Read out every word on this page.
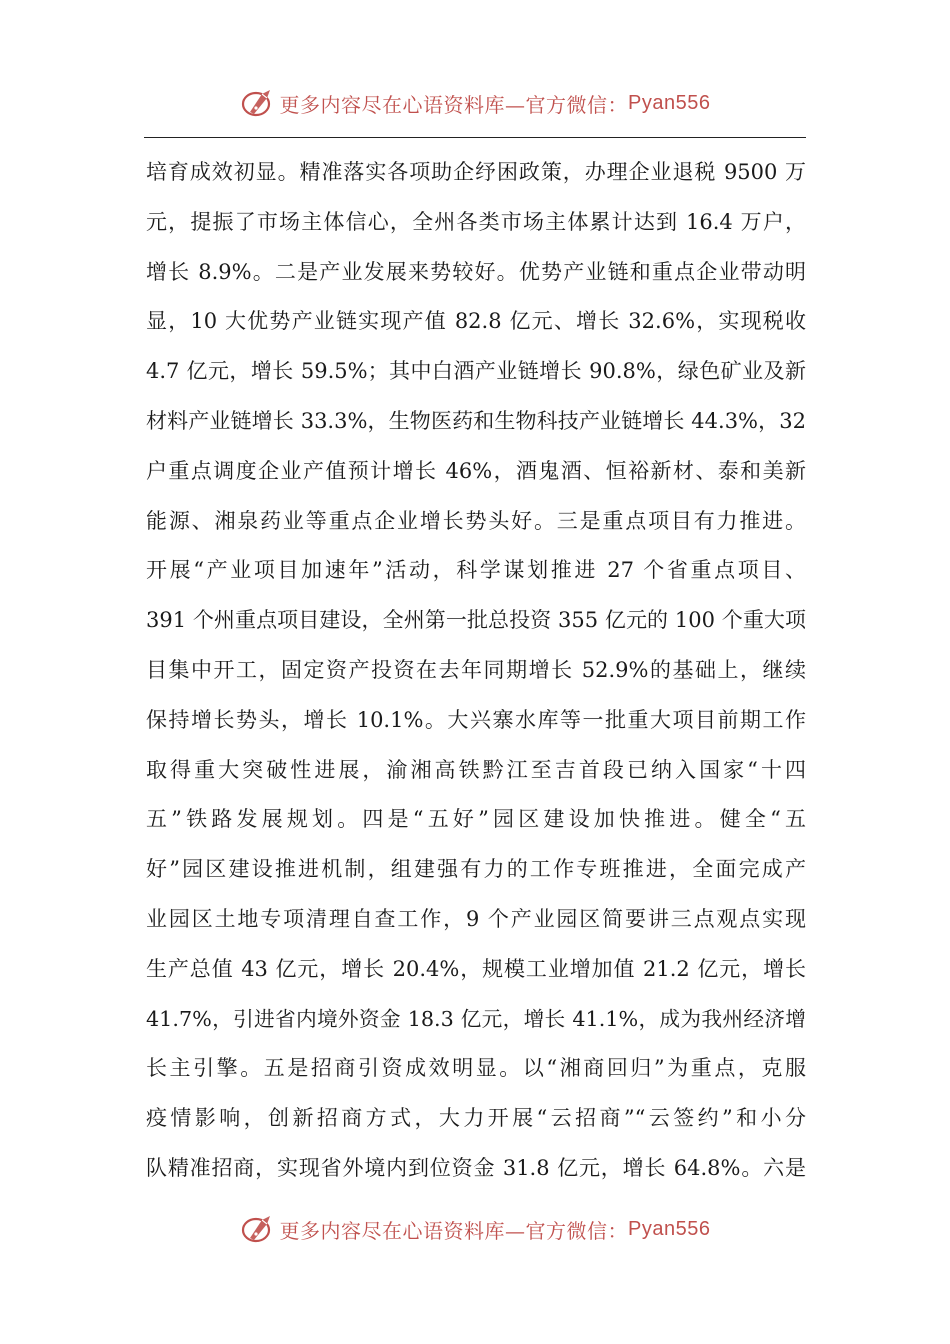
更多内容尽在心语资料库—官方微信： Pyan556
培育成效初显。精准落实各项助企纾困政策，办理企业退税 9500 万
元，提振了市场主体信心，全州各类市场主体累计达到 16.4 万户，
增长 8.9%。二是产业发展来势较好。优势产业链和重点企业带动明
显，10 大优势产业链实现产值 82.8 亿元、增长 32.6%，实现税收
4.7 亿元，增长 59.5%；其中白酒产业链增长 90.8%，绿色矿业及新
材料产业链增长 33.3%，生物医药和生物科技产业链增长 44.3%，32
户重点调度企业产值预计增长 46%，酒鬼酒、恒裕新材、泰和美新
能源、湘泉药业等重点企业增长势头好。三是重点项目有力推进。
开展“产业项目加速年”活动，科学谋划推进 27 个省重点项目、
391 个州重点项目建设，全州第一批总投资 355 亿元的 100 个重大项
目集中开工，固定资产投资在去年同期增长 52.9%的基础上，继续
保持增长势头，增长 10.1%。大兴寨水库等一批重大项目前期工作
取得重大突破性进展，渝湘高铁黔江至吉首段已纳入国家“十四
五”铁路发展规划。四是“五好”园区建设加快推进。健全“五
好”园区建设推进机制，组建强有力的工作专班推进，全面完成产
业园区土地专项清理自查工作，9 个产业园区简要讲三点观点实现
生产总值 43 亿元，增长 20.4%，规模工业增加值 21.2 亿元，增长
41.7%，引进省内境外资金 18.3 亿元，增长 41.1%，成为我州经济增
长主引擎。五是招商引资成效明显。以“湘商回归”为重点，克服
疫情影响，创新招商方式，大力开展“云招商”“云签约”和小分
队精准招商，实现省外境内到位资金 31.8 亿元，增长 64.8%。六是
更多内容尽在心语资料库—官方微信： Pyan556
